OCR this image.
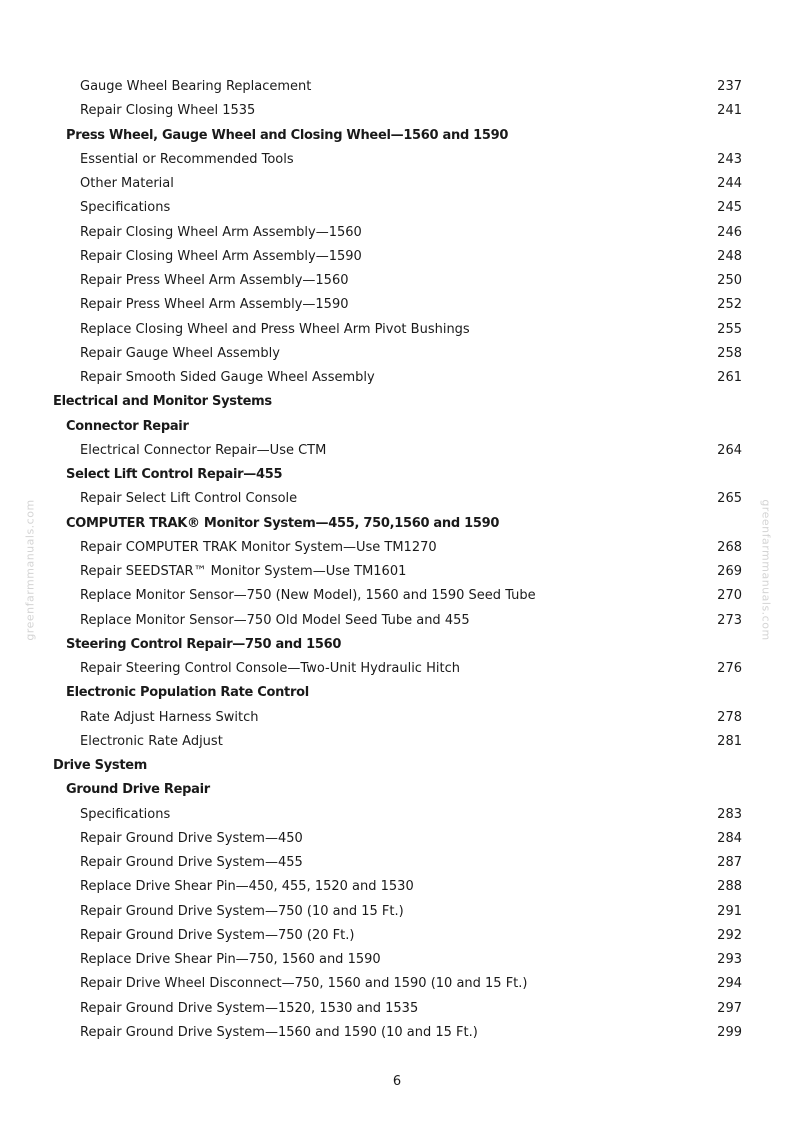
greenfarmmanuals.com	greenfarmmanuals.com
Gauge Wheel Bearing Replacement	237
Repair Closing Wheel 1535	241
Press Wheel, Gauge Wheel and Closing Wheel—1560 and 1590
Essential or Recommended Tools	243
Other Material	244
Specifications	245
Repair Closing Wheel Arm Assembly—1560	246
Repair Closing Wheel Arm Assembly—1590	248
Repair Press Wheel Arm Assembly—1560	250
Repair Press Wheel Arm Assembly—1590	252
Replace Closing Wheel and Press Wheel Arm Pivot Bushings	255
Repair Gauge Wheel Assembly	258
Repair Smooth Sided Gauge Wheel Assembly	261
Electrical and Monitor Systems
Connector Repair
Electrical Connector Repair—Use CTM	264
Select Lift Control Repair—455
Repair Select Lift Control Console	265
COMPUTER TRAK® Monitor System—455, 750,1560 and 1590
Repair COMPUTER TRAK Monitor System—Use TM1270	268
Repair SEEDSTAR™ Monitor System—Use TM1601	269
Replace Monitor Sensor—750 (New Model), 1560 and 1590 Seed Tube	270
Replace Monitor Sensor—750 Old Model Seed Tube and 455	273
Steering Control Repair—750 and 1560
Repair Steering Control Console—Two-Unit Hydraulic Hitch	276
Electronic Population Rate Control
Rate Adjust Harness Switch	278
Electronic Rate Adjust	281
Drive System
Ground Drive Repair
Specifications	283
Repair Ground Drive System—450	284
Repair Ground Drive System—455	287
Replace Drive Shear Pin—450, 455, 1520 and 1530	288
Repair Ground Drive System—750 (10 and 15 Ft.)	291
Repair Ground Drive System—750 (20 Ft.)	292
Replace Drive Shear Pin—750, 1560 and 1590	293
Repair Drive Wheel Disconnect—750, 1560 and 1590 (10 and 15 Ft.)	294
Repair Ground Drive System—1520, 1530 and 1535	297
Repair Ground Drive System—1560 and 1590 (10 and 15 Ft.)	299
6
